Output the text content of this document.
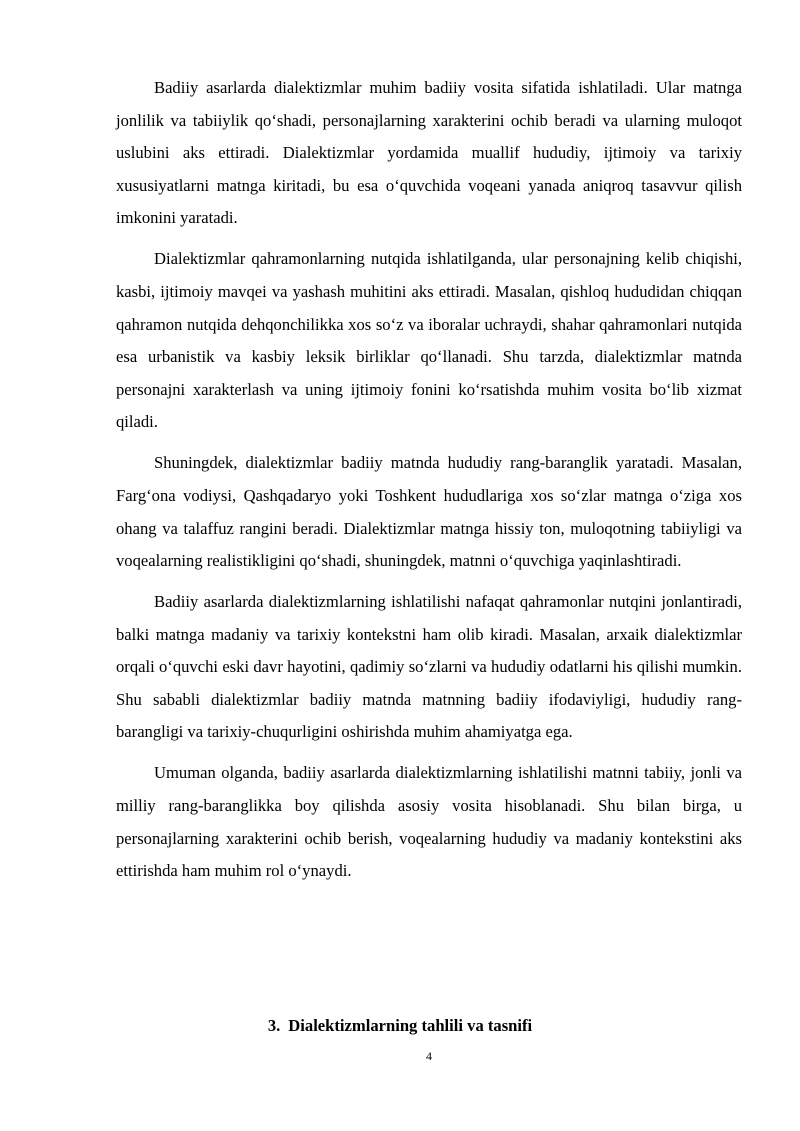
Badiiy asarlarda dialektizmlar muhim badiiy vosita sifatida ishlatiladi. Ular matnga jonlilik va tabiiylik qo‘shadi, personajlarning xarakterini ochib beradi va ularning muloqot uslubini aks ettiradi. Dialektizmlar yordamida muallif hududiy, ijtimoiy va tarixiy xususiyatlarni matnga kiritadi, bu esa o‘quvchida voqeani yanada aniqroq tasavvur qilish imkonini yaratadi.

Dialektizmlar qahramonlarning nutqida ishlatilganda, ular personajning kelib chiqishi, kasbi, ijtimoiy mavqei va yashash muhitini aks ettiradi. Masalan, qishloq hududidan chiqqan qahramon nutqida dehqonchilikka xos so‘z va iboralar uchraydi, shahar qahramonlari nutqida esa urbanistik va kasbiy leksik birliklar qo‘llanadi. Shu tarzda, dialektizmlar matnda personajni xarakterlash va uning ijtimoiy fonini ko‘rsatishda muhim vosita bo‘lib xizmat qiladi.

Shuningdek, dialektizmlar badiiy matnda hududiy rang-baranglik yaratadi. Masalan, Farg‘ona vodiysi, Qashqadaryo yoki Toshkent hududlariga xos so‘zlar matnga o‘ziga xos ohang va talaffuz rangini beradi. Dialektizmlar matnga hissiy ton, muloqotning tabiiyligi va voqealarning realistikligini qo‘shadi, shuningdek, matnni o‘quvchiga yaqinlashtiradi.

Badiiy asarlarda dialektizmlarning ishlatilishi nafaqat qahramonlar nutqini jonlantiradi, balki matnga madaniy va tarixiy kontekstni ham olib kiradi. Masalan, arxaik dialektizmlar orqali o‘quvchi eski davr hayotini, qadimiy so‘zlarni va hududiy odatlarni his qilishi mumkin. Shu sababli dialektizmlar badiiy matnda matnning badiiy ifodaviyligi, hududiy rang-barangligi va tarixiy-chuqurligini oshirishda muhim ahamiyatga ega.

Umuman olganda, badiiy asarlarda dialektizmlarning ishlatilishi matnni tabiiy, jonli va milliy rang-baranglikka boy qilishda asosiy vosita hisoblanadi. Shu bilan birga, u personajlarning xarakterini ochib berish, voqealarning hududiy va madaniy kontekstini aks ettirishda ham muhim rol o‘ynaydi.

3. Dialektizmlarning tahlili va tasnifi
4
